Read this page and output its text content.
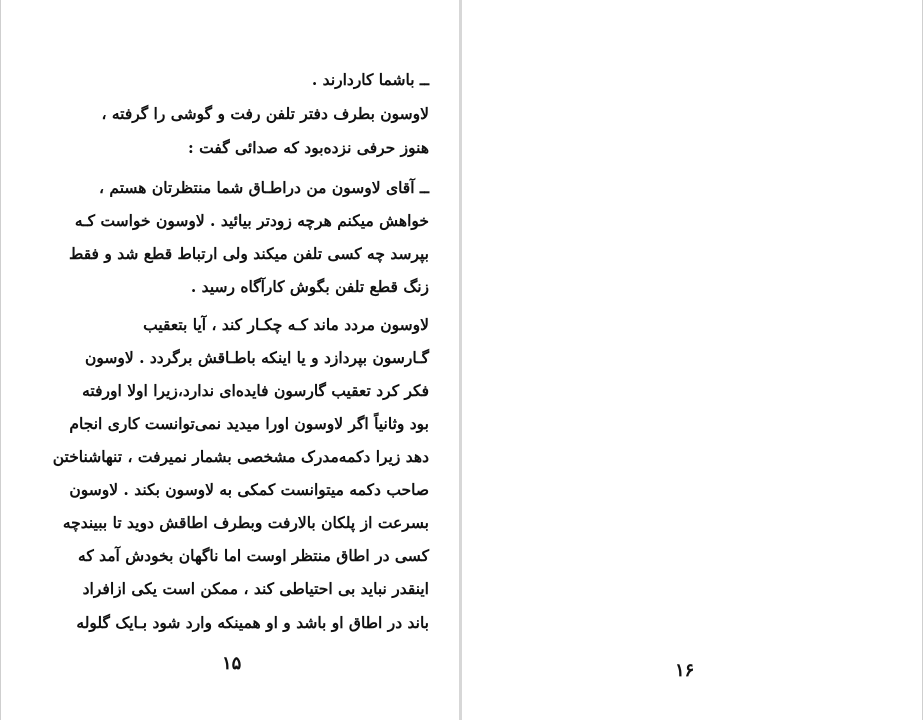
۱۵
ــ باشما کاردارند .
لاوسون بطرف دفتر تلفن رفت و گوشی را گرفته ،
هنوز حرفی نزده‌بود که صدائی گفت :
ــ آقای لاوسون من دراطـاق شما منتظرتان هستم ،
خواهش میکنم هرچه زودتر بیائید . لاوسون خواست کـه
بپرسد چه کسی تلفن میکند ولی ارتباط قطع شد و فقط
زنگ قطع تلفن بگوش کارآگاه رسید .
لاوسون مردد ماند کـه چکـار کند ، آیا بتعقیب
گـارسون بپردازد و یا اینکه باطـاقش برگردد . لاوسون
فکر کرد تعقیب گارسون فایده‌ای ندارد،زیرا اولا اورفته
بود وثانیاً اگر لاوسون اورا میدید نمی‌توانست کاری انجام
دهد زیرا دکمه‌مدرک مشخصی بشمار نمیرفت ، تنهاشناختن
صاحب دکمه میتوانست کمکی به لاوسون بکند . لاوسون
بسرعت از پلکان بالارفت وبطرف اطاقش دوید تا ببیندچه
کسی در اطاق منتظر اوست اما ناگهان بخودش آمد که
اینقدر نباید بی احتیاطی کند ، ممکن است یکی ازافراد
باند در اطاق او باشد و او همینکه وارد شود بـایک گلوله
۱۶
